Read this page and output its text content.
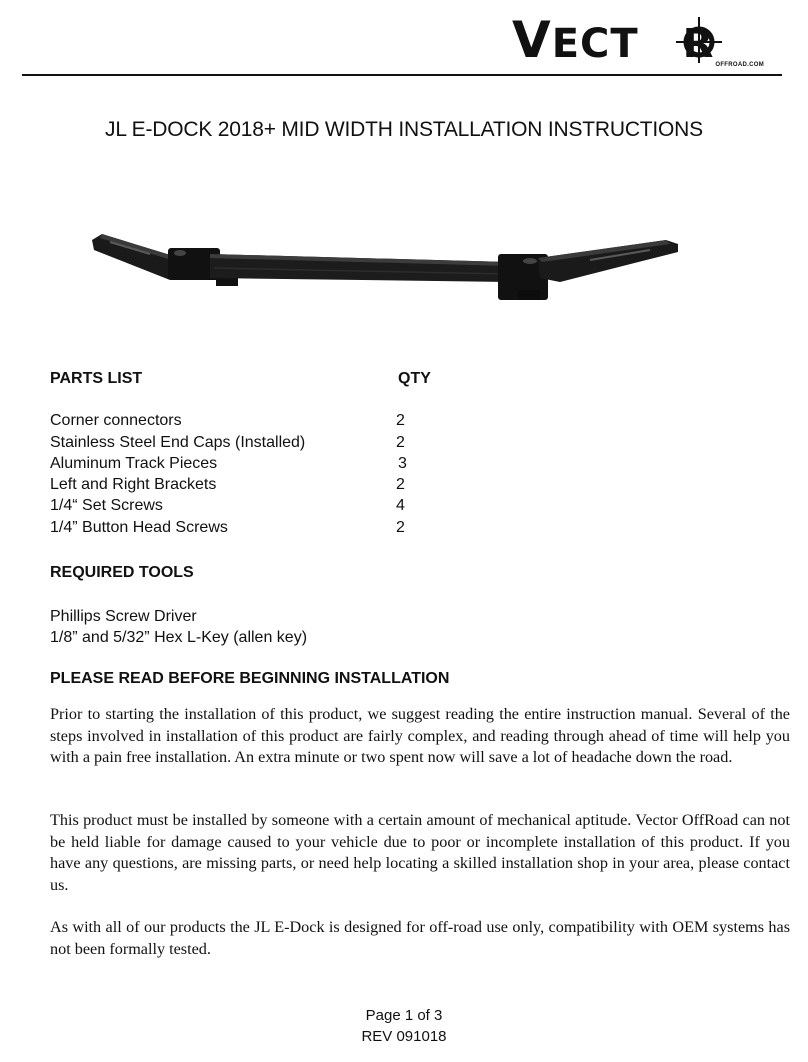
VECT R OFFROAD.COM
JL E-DOCK 2018+ MID WIDTH INSTALLATION INSTRUCTIONS
PARTS LIST	QTY
Corner connectors	2
Stainless Steel End Caps (Installed)	2
Aluminum Track Pieces	3
Left and Right Brackets	2
1/4“ Set Screws	4
1/4” Button Head Screws	2
REQUIRED TOOLS
Phillips Screw Driver
1/8” and 5/32” Hex L-Key (allen key)
PLEASE READ BEFORE BEGINNING INSTALLATION

Prior to starting the installation of this product, we suggest reading the entire instruction manual. Several of the steps involved in installation of this product are fairly complex, and reading through ahead of time will help you with a pain free installation. An extra minute or two spent now will save a lot of headache down the road.

This product must be installed by someone with a certain amount of mechanical aptitude. Vector OffRoad can not be held liable for damage caused to your vehicle due to poor or incomplete installation of this product. If you have any questions, are missing parts, or need help locating a skilled installation shop in your area, please contact us.

As with all of our products the JL E-Dock is designed for off-road use only, compatibility with OEM systems has not been formally tested.

Page 1 of 3
REV 091018
